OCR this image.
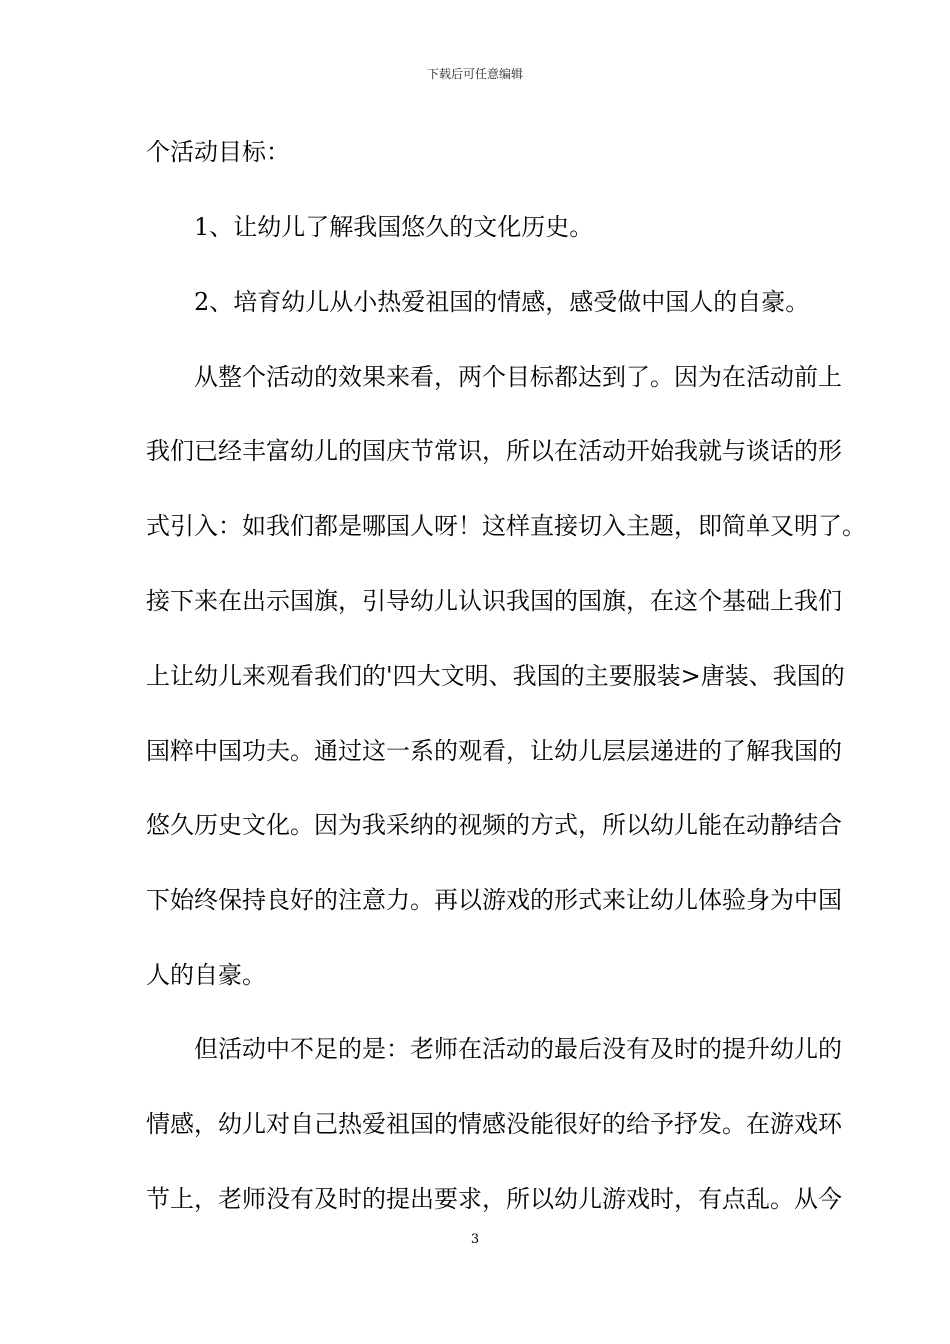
下载后可任意编辑
个活动目标：
　　1、让幼儿了解我国悠久的文化历史。
　　2、培育幼儿从小热爱祖国的情感，感受做中国人的自豪。
　　从整个活动的效果来看，两个目标都达到了。因为在活动前上
我们已经丰富幼儿的国庆节常识，所以在活动开始我就与谈话的形
式引入：如我们都是哪国人呀！这样直接切入主题，即简单又明了。
接下来在出示国旗，引导幼儿认识我国的国旗，在这个基础上我们
上让幼儿来观看我们的'四大文明、我国的主要服装>唐装、我国的
国粹中国功夫。通过这一系的观看，让幼儿层层递进的了解我国的
悠久历史文化。因为我采纳的视频的方式，所以幼儿能在动静结合
下始终保持良好的注意力。再以游戏的形式来让幼儿体验身为中国
人的自豪。
　　但活动中不足的是：老师在活动的最后没有及时的提升幼儿的
情感，幼儿对自己热爱祖国的情感没能很好的给予抒发。在游戏环
节上，老师没有及时的提出要求，所以幼儿游戏时，有点乱。从今
3
